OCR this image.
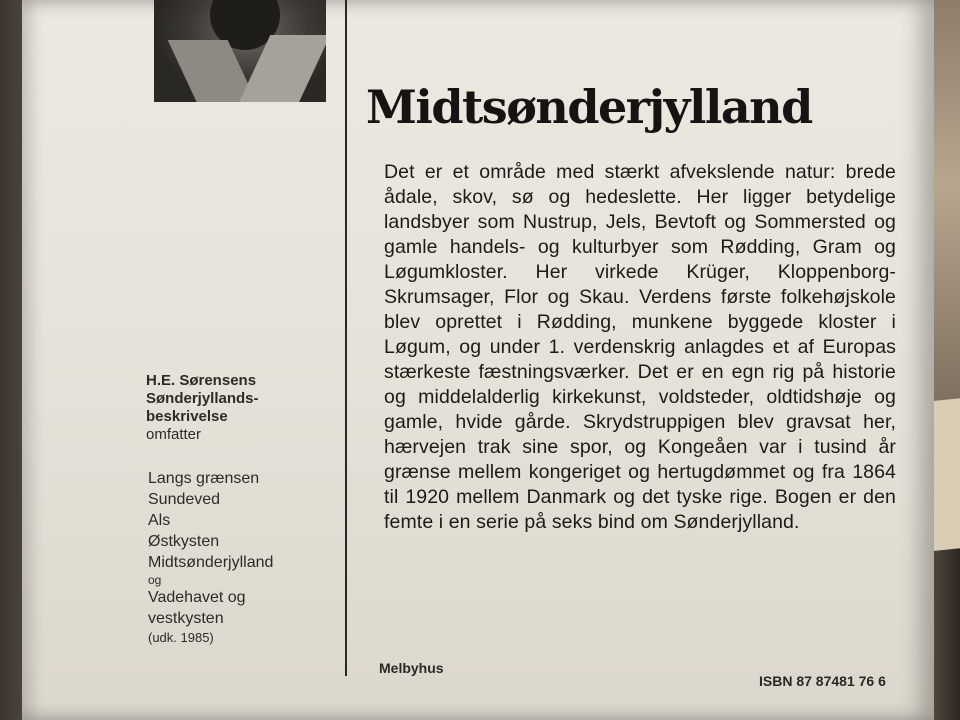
H.E. Sørensens
Sønderjyllands-
beskrivelse
omfatter
Langs grænsen
Sundeved
Als
Østkysten
Midtsønderjylland
og
Vadehavet og
vestkysten
(udk. 1985)
Midtsønderjylland

Det er et område med stærkt afvekslende natur: brede ådale, skov, sø og hedeslette. Her ligger betydelige landsbyer som Nustrup, Jels, Bevtoft og Sommersted og gamle handels- og kulturbyer som Rødding, Gram og Løgumkloster. Her virkede Krüger, Kloppenborg-Skrumsager, Flor og Skau. Verdens første folkehøjskole blev oprettet i Rødding, munkene byggede kloster i Løgum, og under 1. verdenskrig anlagdes et af Europas stærkeste fæstningsværker. Det er en egn rig på historie og middelalderlig kirkekunst, voldsteder, oldtidshøje og gamle, hvide gårde. Skrydstruppigen blev gravsat her, hærvejen trak sine spor, og Kongeåen var i tusind år grænse mellem kongeriget og hertugdømmet og fra 1864 til 1920 mellem Danmark og det tyske rige. Bogen er den femte i en serie på seks bind om Sønderjylland.

Melbyhus
ISBN 87 87481 76 6
